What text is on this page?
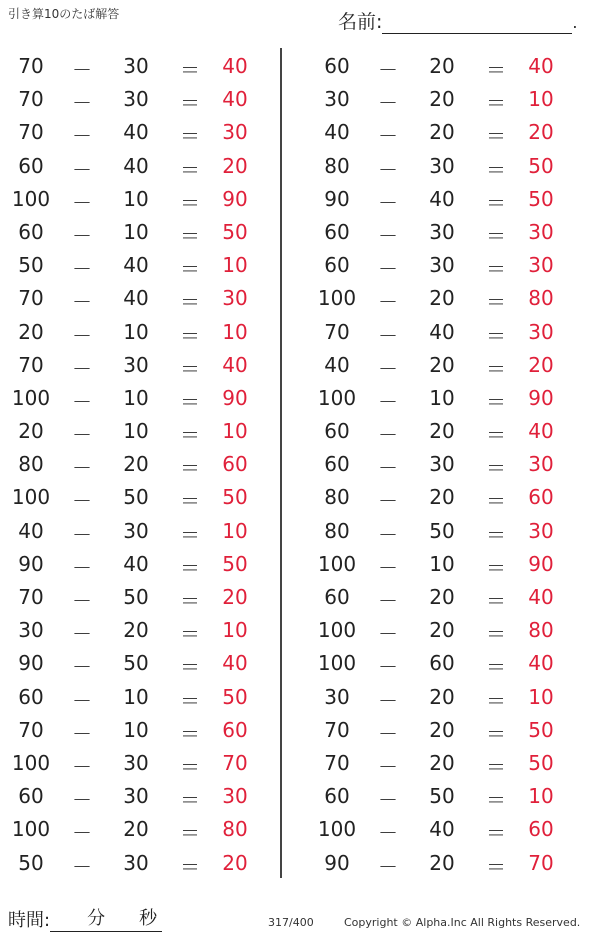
引き算10のたば解答	名前:	.
70	－ 30 ＝ 40
70	－ 30 ＝ 40
70	－ 40 ＝ 30
60	－ 40 ＝ 20
100 － 10 ＝ 90
60	－ 10 ＝ 50
50	－ 40 ＝ 10
70	－ 40 ＝ 30
20	－ 10 ＝ 10
70	－ 30 ＝ 40
100 － 10 ＝ 90
20	－ 10 ＝ 10
80	－ 20 ＝ 60
100 － 50 ＝ 50
40	－ 30 ＝ 10
90	－ 40 ＝ 50
70	－ 50 ＝ 20
30	－ 20 ＝ 10
90	－ 50 ＝ 40
60	－ 10 ＝ 50
70	－ 10 ＝ 60
100 － 30 ＝ 70
60	－ 30 ＝ 30
100 － 20 ＝ 80
50	－ 30 ＝ 20
60	－ 20 ＝ 40
30	－ 20 ＝ 10
40	－ 20 ＝ 20
80	－ 30 ＝ 50
90	－ 40 ＝ 50
60	－ 30 ＝ 30
60	－ 30 ＝ 30
100 － 20 ＝ 80
70	－ 40 ＝ 30
40	－ 20 ＝ 20
100 － 10 ＝ 90
60	－ 20 ＝ 40
60	－ 30 ＝ 30
80	－ 20 ＝ 60
80	－ 50 ＝ 30
100 － 10 ＝ 90
60	－ 20 ＝ 40
100 － 20 ＝ 80
100 － 60 ＝ 40
30	－ 20 ＝ 10
70	－ 20 ＝ 50
70	－ 20 ＝ 50
60	－ 50 ＝ 10
100 － 40 ＝ 60
90	－ 20 ＝ 70
時間: 分 秒	317/400	Copyright © Alpha.Inc All Rights Reserved.
